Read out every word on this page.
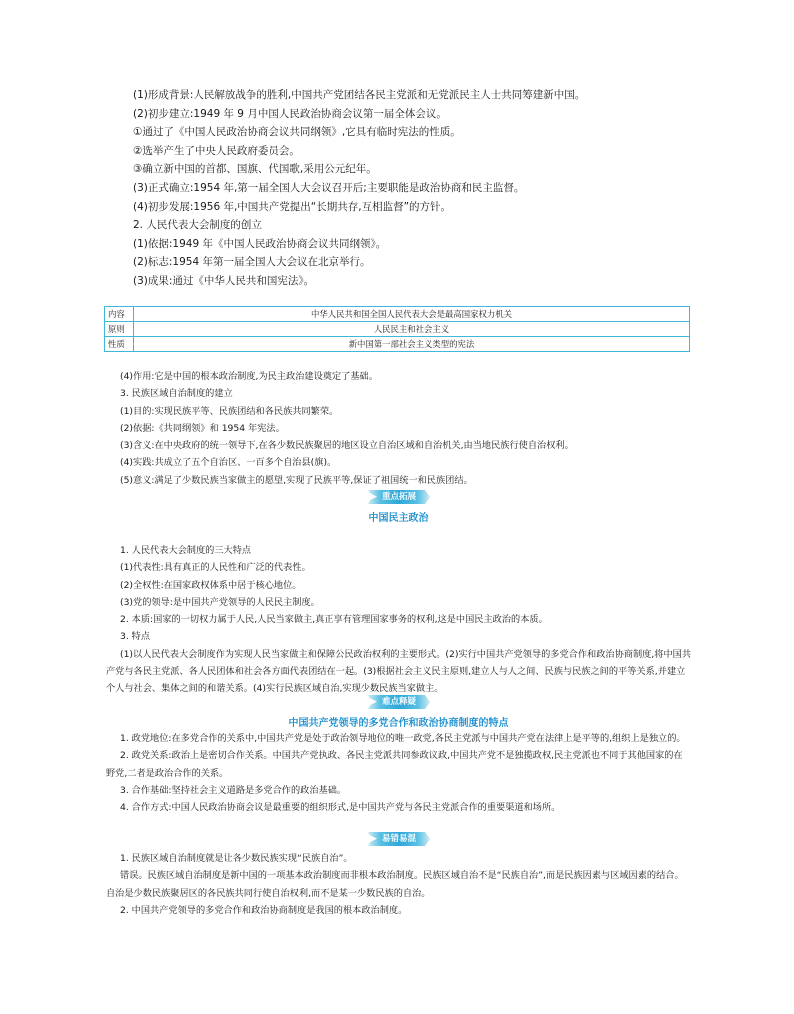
(1)形成背景:人民解放战争的胜利,中国共产党团结各民主党派和无党派民主人士共同筹建新中国。
(2)初步建立:1949 年 9 月中国人民政治协商会议第一届全体会议。
①通过了《中国人民政治协商会议共同纲领》,它具有临时宪法的性质。
②选举产生了中央人民政府委员会。
③确立新中国的首都、国旗、代国歌,采用公元纪年。
(3)正式确立:1954 年,第一届全国人大会议召开后;主要职能是政治协商和民主监督。
(4)初步发展:1956 年,中国共产党提出“长期共存,互相监督”的方针。
2. 人民代表大会制度的创立
(1)依据:1949 年《中国人民政治协商会议共同纲领》。
(2)标志:1954 年第一届全国人大会议在北京举行。
(3)成果:通过《中华人民共和国宪法》。
内容	中华人民共和国全国人民代表大会是最高国家权力机关
原则	人民民主和社会主义
性质	新中国第一部社会主义类型的宪法
(4)作用:它是中国的根本政治制度,为民主政治建设奠定了基础。
3. 民族区域自治制度的建立
(1)目的:实现民族平等、民族团结和各民族共同繁荣。
(2)依据:《共同纲领》和 1954 年宪法。
(3)含义:在中央政府的统一领导下,在各少数民族聚居的地区设立自治区域和自治机关,由当地民族行使自治权利。
(4)实践:共成立了五个自治区、一百多个自治县(旗)。
(5)意义:满足了少数民族当家做主的愿望,实现了民族平等,保证了祖国统一和民族团结。
▶ 重点拓展
中国民主政治
1. 人民代表大会制度的三大特点
(1)代表性:具有真正的人民性和广泛的代表性。
(2)全权性:在国家政权体系中居于核心地位。
(3)党的领导:是中国共产党领导的人民民主制度。
2. 本质:国家的一切权力属于人民,人民当家做主,真正享有管理国家事务的权利,这是中国民主政治的本质。
3. 特点
(1)以人民代表大会制度作为实现人民当家做主和保障公民政治权利的主要形式。(2)实行中国共产党领导的多党合作和政治协商制度,将中国共产党与各民主党派、各人民团体和社会各方面代表团结在一起。(3)根据社会主义民主原则,建立人与人之间、民族与民族之间的平等关系,并建立个人与社会、集体之间的和谐关系。(4)实行民族区域自治,实现少数民族当家做主。
▶ 难点释疑
中国共产党领导的多党合作和政治协商制度的特点
1. 政党地位:在多党合作的关系中,中国共产党是处于政治领导地位的唯一政党,各民主党派与中国共产党在法律上是平等的,组织上是独立的。
2. 政党关系:政治上是密切合作关系。中国共产党执政、各民主党派共同参政议政,中国共产党不是独揽政权,民主党派也不同于其他国家的在野党,二者是政治合作的关系。
3. 合作基础:坚持社会主义道路是多党合作的政治基础。
4. 合作方式:中国人民政治协商会议是最重要的组织形式,是中国共产党与各民主党派合作的重要渠道和场所。
▶ 易错易混
1. 民族区域自治制度就是让各少数民族实现“民族自治”。
错误。民族区域自治制度是新中国的一项基本政治制度而非根本政治制度。民族区域自治不是“民族自治”,而是民族因素与区域因素的结合。自治是少数民族聚居区的各民族共同行使自治权利,而不是某一少数民族的自治。
2. 中国共产党领导的多党合作和政治协商制度是我国的根本政治制度。
